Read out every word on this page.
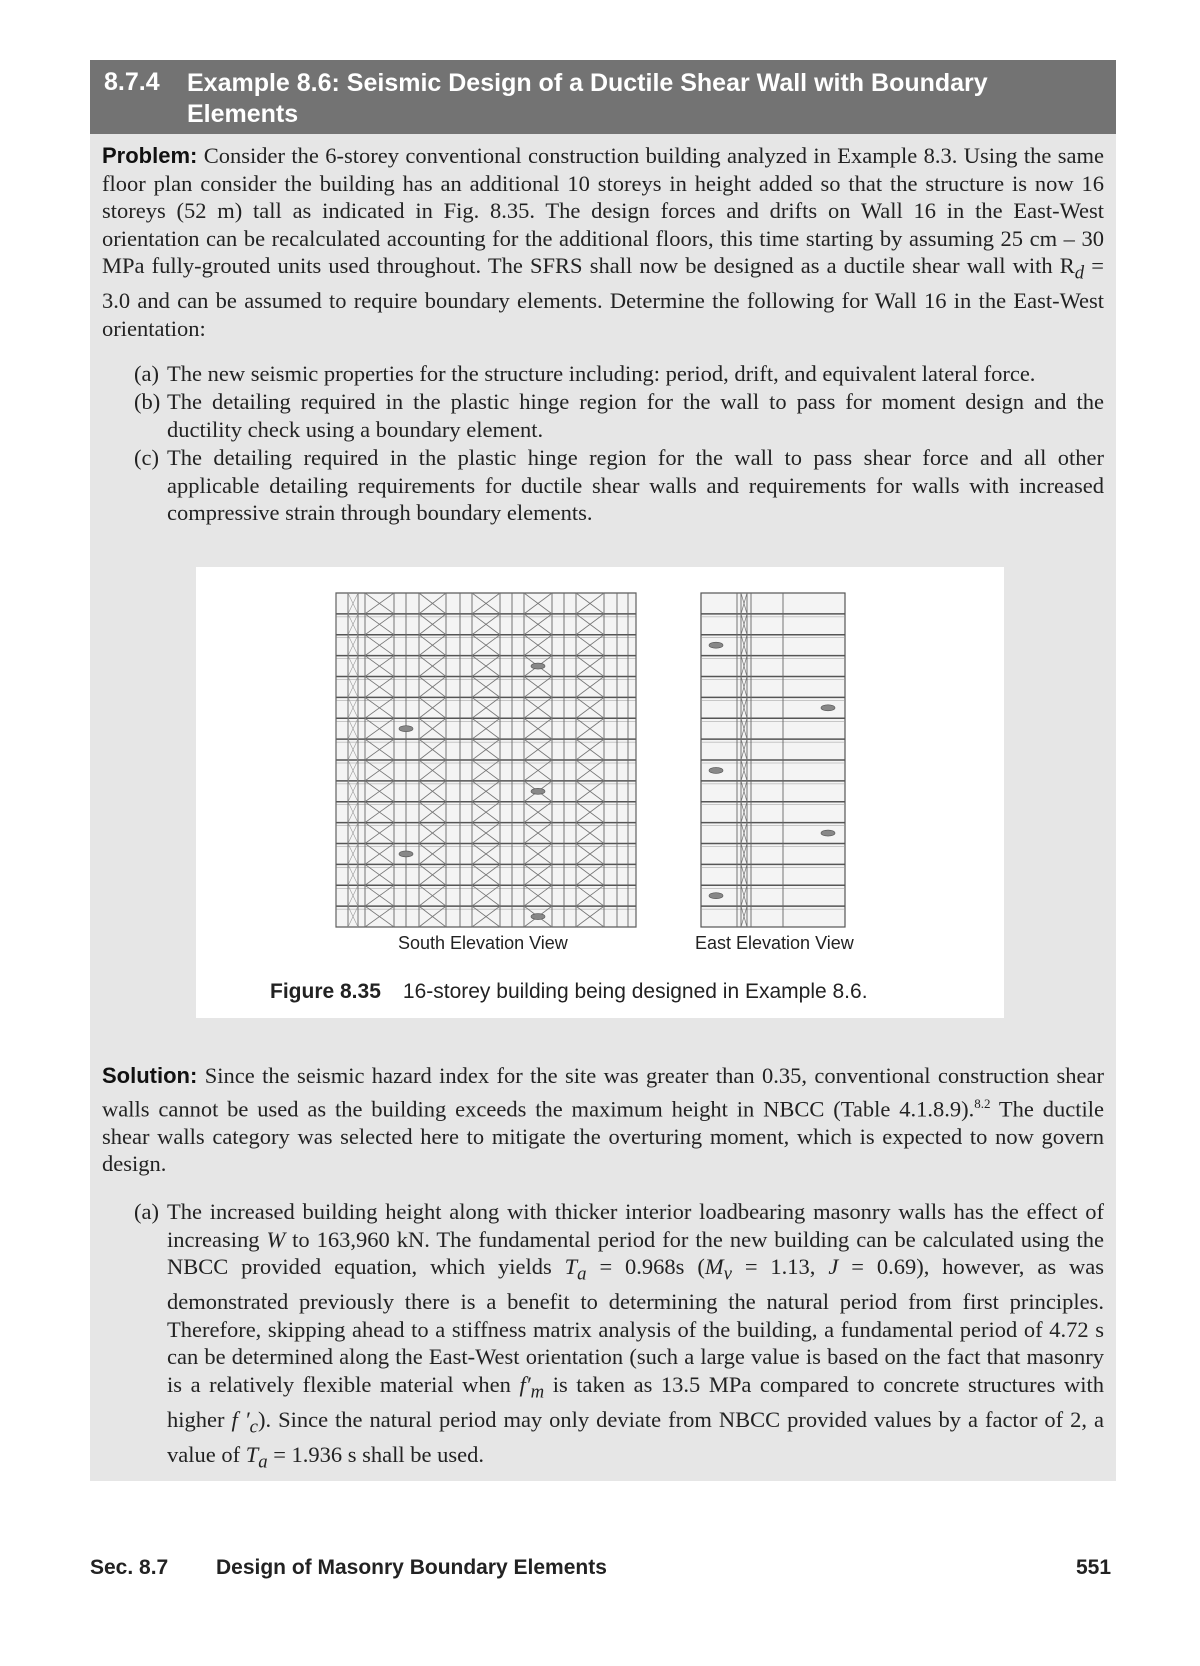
8.7.4 Example 8.6: Seismic Design of a Ductile Shear Wall with Boundary Elements
Problem: Consider the 6-storey conventional construction building analyzed in Example 8.3. Using the same floor plan consider the building has an additional 10 storeys in height added so that the structure is now 16 storeys (52 m) tall as indicated in Fig. 8.35. The design forces and drifts on Wall 16 in the East-West orientation can be recalculated accounting for the additional floors, this time starting by assuming 25 cm – 30 MPa fully-grouted units used throughout. The SFRS shall now be designed as a ductile shear wall with $R_d = 3.0$ and can be assumed to require boundary elements. Determine the following for Wall 16 in the East-West orientation:
(a) The new seismic properties for the structure including: period, drift, and equivalent lateral force.
(b) The detailing required in the plastic hinge region for the wall to pass for moment design and the ductility check using a boundary element.
(c) The detailing required in the plastic hinge region for the wall to pass shear force and all other applicable detailing requirements for ductile shear walls and requirements for walls with increased compressive strain through boundary elements.
Solution: Since the seismic hazard index for the site was greater than 0.35, conventional construction shear walls cannot be used as the building exceeds the maximum height in NBCC (Table 4.1.8.9).$^{8.2}$ The ductile shear walls category was selected here to mitigate the overturing moment, which is expected to now govern design.
(a) The increased building height along with thicker interior loadbearing masonry walls has the effect of increasing W to 163,960 kN. The fundamental period for the new building can be calculated using the NBCC provided equation, which yields $T_a = 0.968s$ ($M_v = 1.13$, J = 0.69), however, as was demonstrated previously there is a benefit to determining the natural period from first principles. Therefore, skipping ahead to a stiffness matrix analysis of the building, a fundamental period of 4.72 s can be determined along the East-West orientation (such a large value is based on the fact that masonry is a relatively flexible material when $f'_m$ is taken as 13.5 MPa compared to concrete structures with higher f $'_c$). Since the natural period may only deviate from NBCC provided values by a factor of 2, a value of $T_a = 1.936$ s shall be used.
South Elevation View	East Elevation View
Figure 8.35 16-storey building being designed in Example 8.6.
Sec. 8.7 Design of Masonry Boundary Elements	551
